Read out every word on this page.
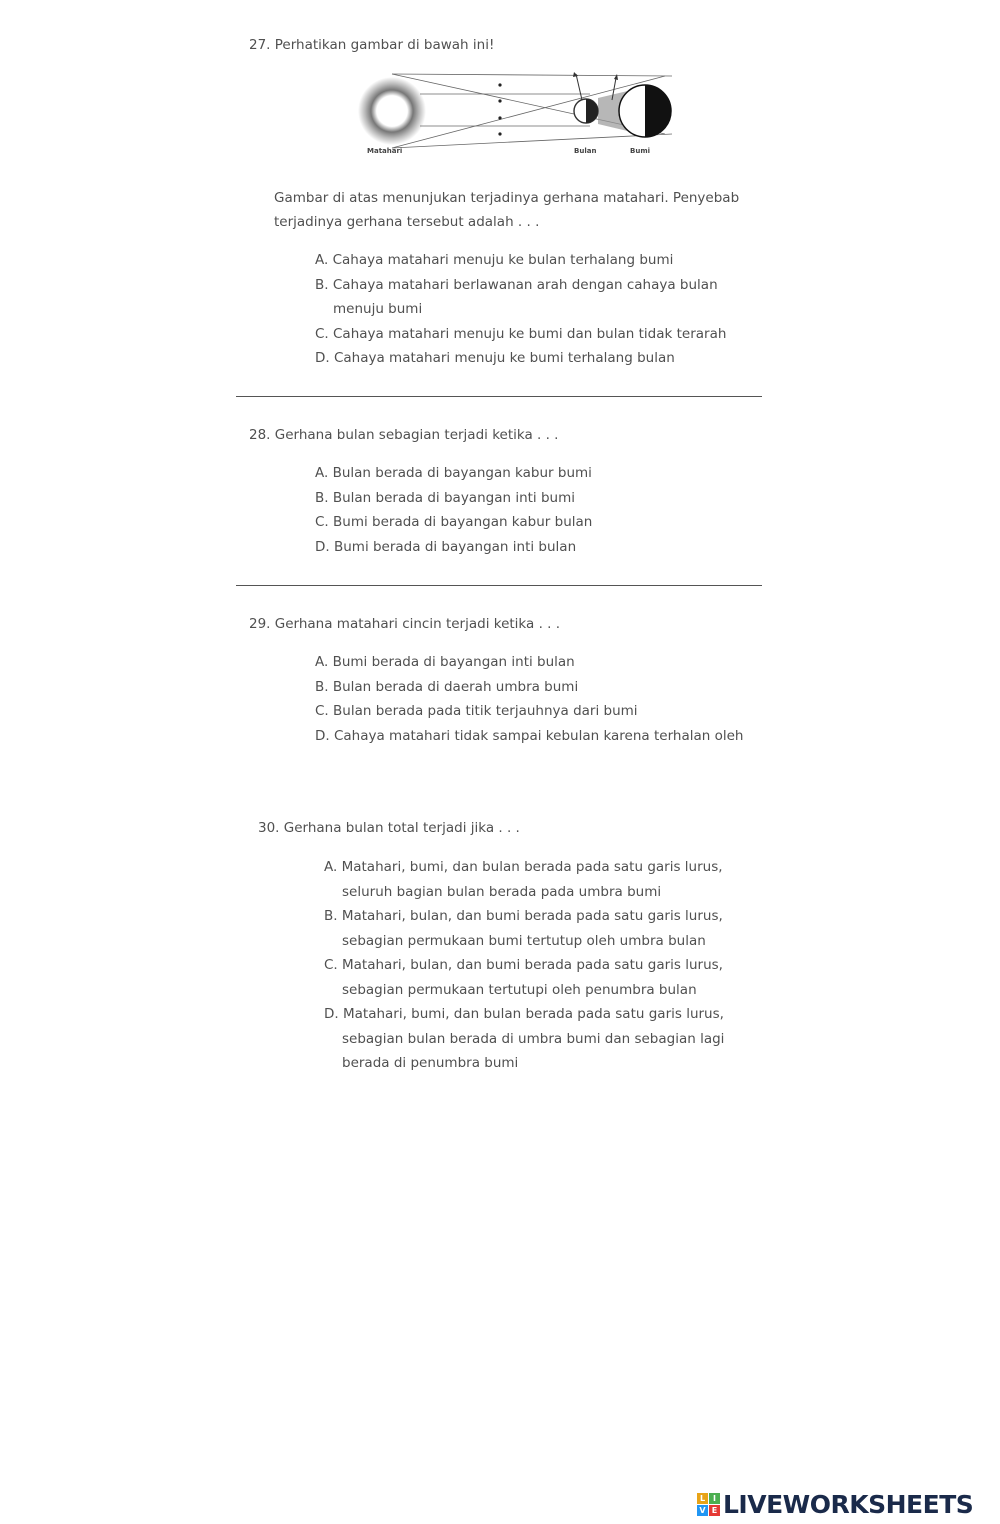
27. Perhatikan gambar di bawah ini!
Matahari	Bulan	Bumi
Gambar di atas menunjukan terjadinya gerhana matahari. Penyebab
terjadinya gerhana tersebut adalah . . .
A. Cahaya matahari menuju ke bulan terhalang bumi
B. Cahaya matahari berlawanan arah dengan cahaya bulan
menuju bumi
C. Cahaya matahari menuju ke bumi dan bulan tidak terarah
D. Cahaya matahari menuju ke bumi terhalang bulan
28. Gerhana bulan sebagian terjadi ketika . . .
A. Bulan berada di bayangan kabur bumi
B. Bulan berada di bayangan inti bumi
C. Bumi berada di bayangan kabur bulan
D. Bumi berada di bayangan inti bulan
29. Gerhana matahari cincin terjadi ketika . . .
A. Bumi berada di bayangan inti bulan
B. Bulan berada di daerah umbra bumi
C. Bulan berada pada titik terjauhnya dari bumi
D. Cahaya matahari tidak sampai kebulan karena terhalan oleh
30. Gerhana bulan total terjadi jika . . .
A. Matahari, bumi, dan bulan berada pada satu garis lurus,
seluruh bagian bulan berada pada umbra bumi
B. Matahari, bulan, dan bumi berada pada satu garis lurus,
sebagian permukaan bumi tertutup oleh umbra bulan
C. Matahari, bulan, dan bumi berada pada satu garis lurus,
sebagian permukaan tertutupi oleh penumbra bulan
D. Matahari, bumi, dan bulan berada pada satu garis lurus,
sebagian bulan berada di umbra bumi dan sebagian lagi
berada di penumbra bumi
L I
V E LIVEWORKSHEETS
